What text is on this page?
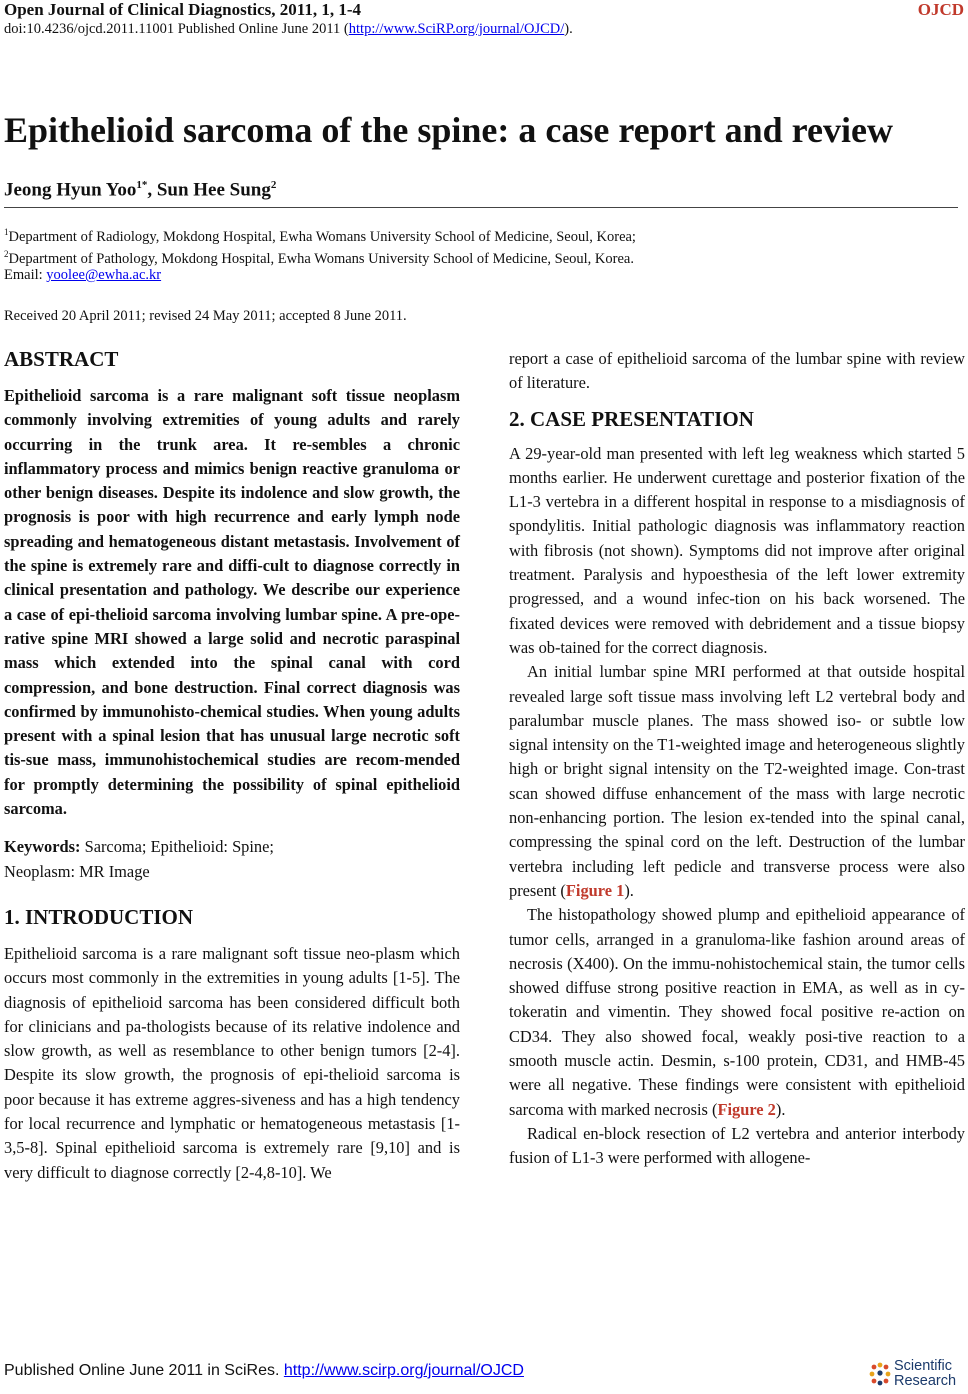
Open Journal of Clinical Diagnostics, 2011, 1, 1-4	OJCD
doi:10.4236/ojcd.2011.11001 Published Online June 2011 (http://www.SciRP.org/journal/OJCD/).
Epithelioid sarcoma of the spine: a case report and review
Jeong Hyun Yoo$^{1*}$, Sun Hee Sung$^2$
$^1$Department of Radiology, Mokdong Hospital, Ewha Womans University School of Medicine, Seoul, Korea;
$^2$Department of Pathology, Mokdong Hospital, Ewha Womans University School of Medicine, Seoul, Korea.
Email: yoolee@ewha.ac.kr
Received 20 April 2011; revised 24 May 2011; accepted 8 June 2011.
ABSTRACT

Epithelioid sarcoma is a rare malignant soft tissue neoplasm commonly involving extremities of young adults and rarely occurring in the trunk area. It re-sembles a chronic inflammatory process and mimics benign reactive granuloma or other benign diseases. Despite its indolence and slow growth, the prognosis is poor with high recurrence and early lymph node spreading and hematogeneous distant metastasis. Involvement of the spine is extremely rare and diffi-cult to diagnose correctly in clinical presentation and pathology. We describe our experience a case of epi-thelioid sarcoma involving lumbar spine. A pre-ope-rative spine MRI showed a large solid and necrotic paraspinal mass which extended into the spinal canal with cord compression, and bone destruction. Final correct diagnosis was confirmed by immunohisto-chemical studies. When young adults present with a spinal lesion that has unusual large necrotic soft tis-sue mass, immunohistochemical studies are recom-mended for promptly determining the possibility of spinal epithelioid sarcoma.

Keywords: Sarcoma; Epithelioid: Spine;
Neoplasm: MR Image

1. INTRODUCTION

Epithelioid sarcoma is a rare malignant soft tissue neo-plasm which occurs most commonly in the extremities in young adults [1-5]. The diagnosis of epithelioid sarcoma has been considered difficult both for clinicians and pa-thologists because of its relative indolence and slow growth, as well as resemblance to other benign tumors [2-4]. Despite its slow growth, the prognosis of epi-thelioid sarcoma is poor because it has extreme aggres-siveness and has a high tendency for local recurrence and lymphatic or hematogeneous metastasis [1-3,5-8]. Spinal epithelioid sarcoma is extremely rare [9,10] and is very difficult to diagnose correctly [2-4,8-10]. We

report a case of epithelioid sarcoma of the lumbar spine with review of literature.

2. CASE PRESENTATION

A 29-year-old man presented with left leg weakness which started 5 months earlier. He underwent curettage and posterior fixation of the L1-3 vertebra in a different hospital in response to a misdiagnosis of spondylitis. Initial pathologic diagnosis was inflammatory reaction with fibrosis (not shown). Symptoms did not improve after original treatment. Paralysis and hypoesthesia of the left lower extremity progressed, and a wound infec-tion on his back worsened. The fixated devices were removed with debridement and a tissue biopsy was ob-tained for the correct diagnosis.

An initial lumbar spine MRI performed at that outside hospital revealed large soft tissue mass involving left L2 vertebral body and paralumbar muscle planes. The mass showed iso- or subtle low signal intensity on the T1-weighted image and heterogeneous slightly high or bright signal intensity on the T2-weighted image. Con-trast scan showed diffuse enhancement of the mass with large necrotic non-enhancing portion. The lesion ex-tended into the spinal canal, compressing the spinal cord on the left. Destruction of the lumbar vertebra including left pedicle and transverse process were also present (Figure 1).

The histopathology showed plump and epithelioid appearance of tumor cells, arranged in a granuloma-like fashion around areas of necrosis (X400). On the immu-nohistochemical stain, the tumor cells showed diffuse strong positive reaction in EMA, as well as in cy-tokeratin and vimentin. They showed focal positive re-action on CD34. They also showed focal, weakly posi-tive reaction to a smooth muscle actin. Desmin, s-100 protein, CD31, and HMB-45 were all negative. These findings were consistent with epithelioid sarcoma with marked necrosis (Figure 2).

Radical en-block resection of L2 vertebra and anterior interbody fusion of L1-3 were performed with allogene-

Published Online June 2011 in SciRes. http://www.scirp.org/journal/OJCD	Scientific
Research
